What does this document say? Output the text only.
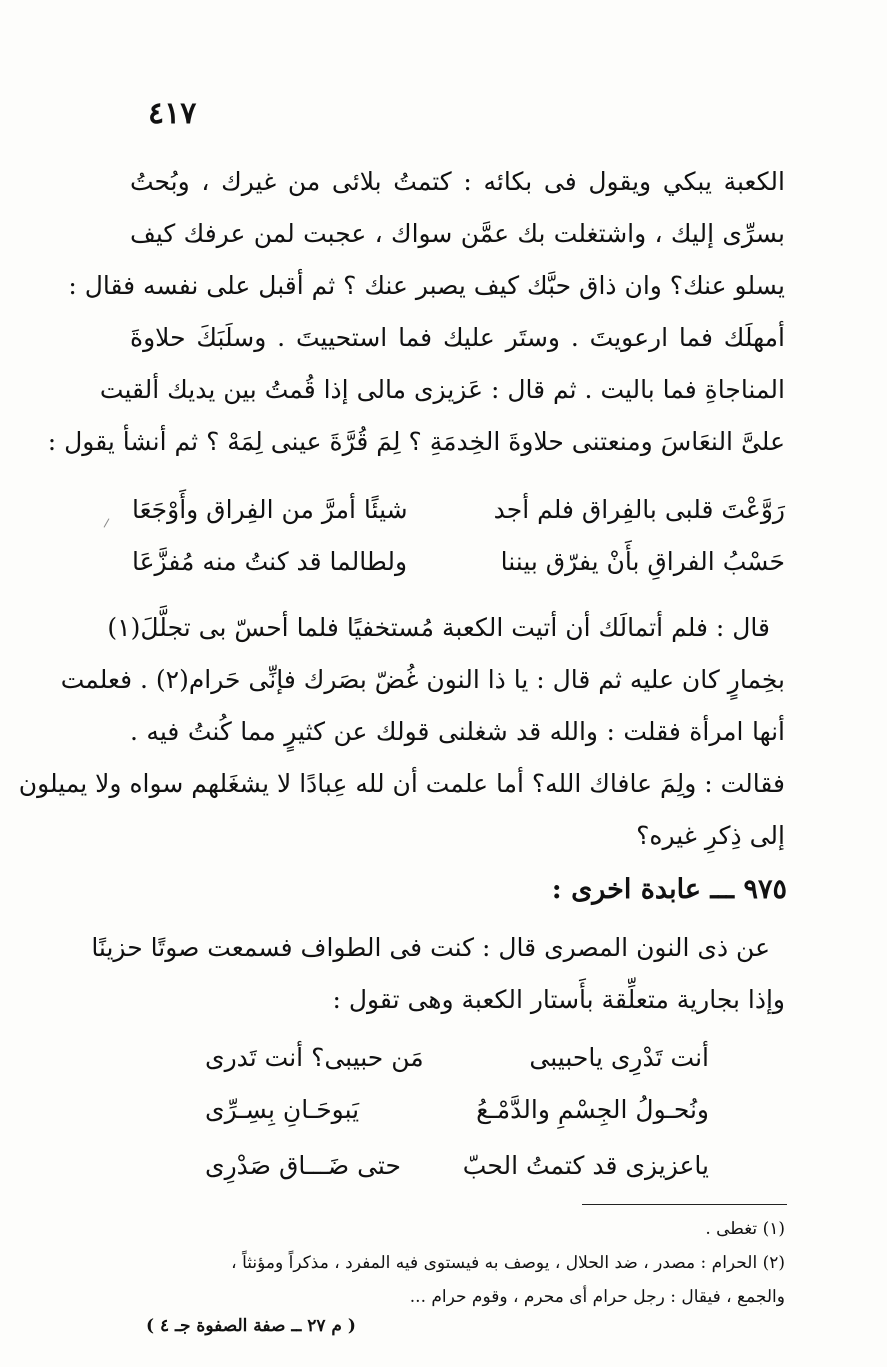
٤١٧
الكعبة يبكي ويقول فى بكائه : كتمتُ بلائى من غيرك ، وبُحتُ
بسرِّى إليك ، واشتغلت بك عمَّن سواك ، عجبت لمن عرفك كيف
يسلو عنك؟ وان ذاق حبَّك كيف يصبر عنك ؟ ثم أقبل على نفسه فقال :
أمهلَك فما ارعويتَ . وستَر عليك فما استحييتَ . وسلَبَكَ حلاوةَ
المناجاةِ فما باليت . ثم قال : عَزيزى مالى إذا قُمتُ بين يديك ألقيت
علىَّ النعَاسَ ومنعتنى حلاوةَ الخِدمَةِ ؟ لِمَ قُرَّةَ عينى لِمَهْ ؟ ثم أنشأ يقول :
رَوَّعْتَ قلبى بالفِراق فلم أجد
شيئًا أمرَّ من الفِراق وأَوْجَعَا
حَسْبُ الفراقِ بأَنْ يفرّق بيننا
ولطالما قد كنتُ منه مُفزَّعَا
قال : فلم أتمالَك أن أتيت الكعبة مُستخفيًا فلما أحسّ بى تجلَّلَ(١)
بخِمارٍ كان عليه ثم قال : يا ذا النون غُضّ بصَرك فإنِّى حَرام(٢) . فعلمت
أنها امرأة فقلت : والله قد شغلنى قولك عن كثيرٍ مما كُنتُ فيه .
فقالت : ولِمَ عافاك الله؟ أما علمت أن لله عِبادًا لا يشغَلهم سواه ولا يميلون
إلى ذِكرِ غيره؟
٩٧٥ ـــ عابدة اخرى :
عن ذى النون المصرى قال : كنت فى الطواف فسمعت صوتًا حزينًا
وإذا بجارية متعلِّقة بأَستار الكعبة وهى تقول :
أنت تَدْرِى ياحبيبى
مَن حبيبى؟ أنت تَدرى
ونُحـولُ الجِسْمِ والدَّمْـعُ
يَبوحَـانِ بِسِـرِّى
ياعزيزى قد كتمتُ الحبّ
حتى ضَـــاق صَدْرِى
(١) تغطى .
(٢) الحرام : مصدر ، ضد الحلال ، يوصف به فيستوى فيه المفرد ، مذكراً ومؤنثاً ،
والجمع ، فيقال : رجل حرام أى محرم ، وقوم حرام ...
( م ٢٧ ــ صفة الصفوة جـ ٤ )
